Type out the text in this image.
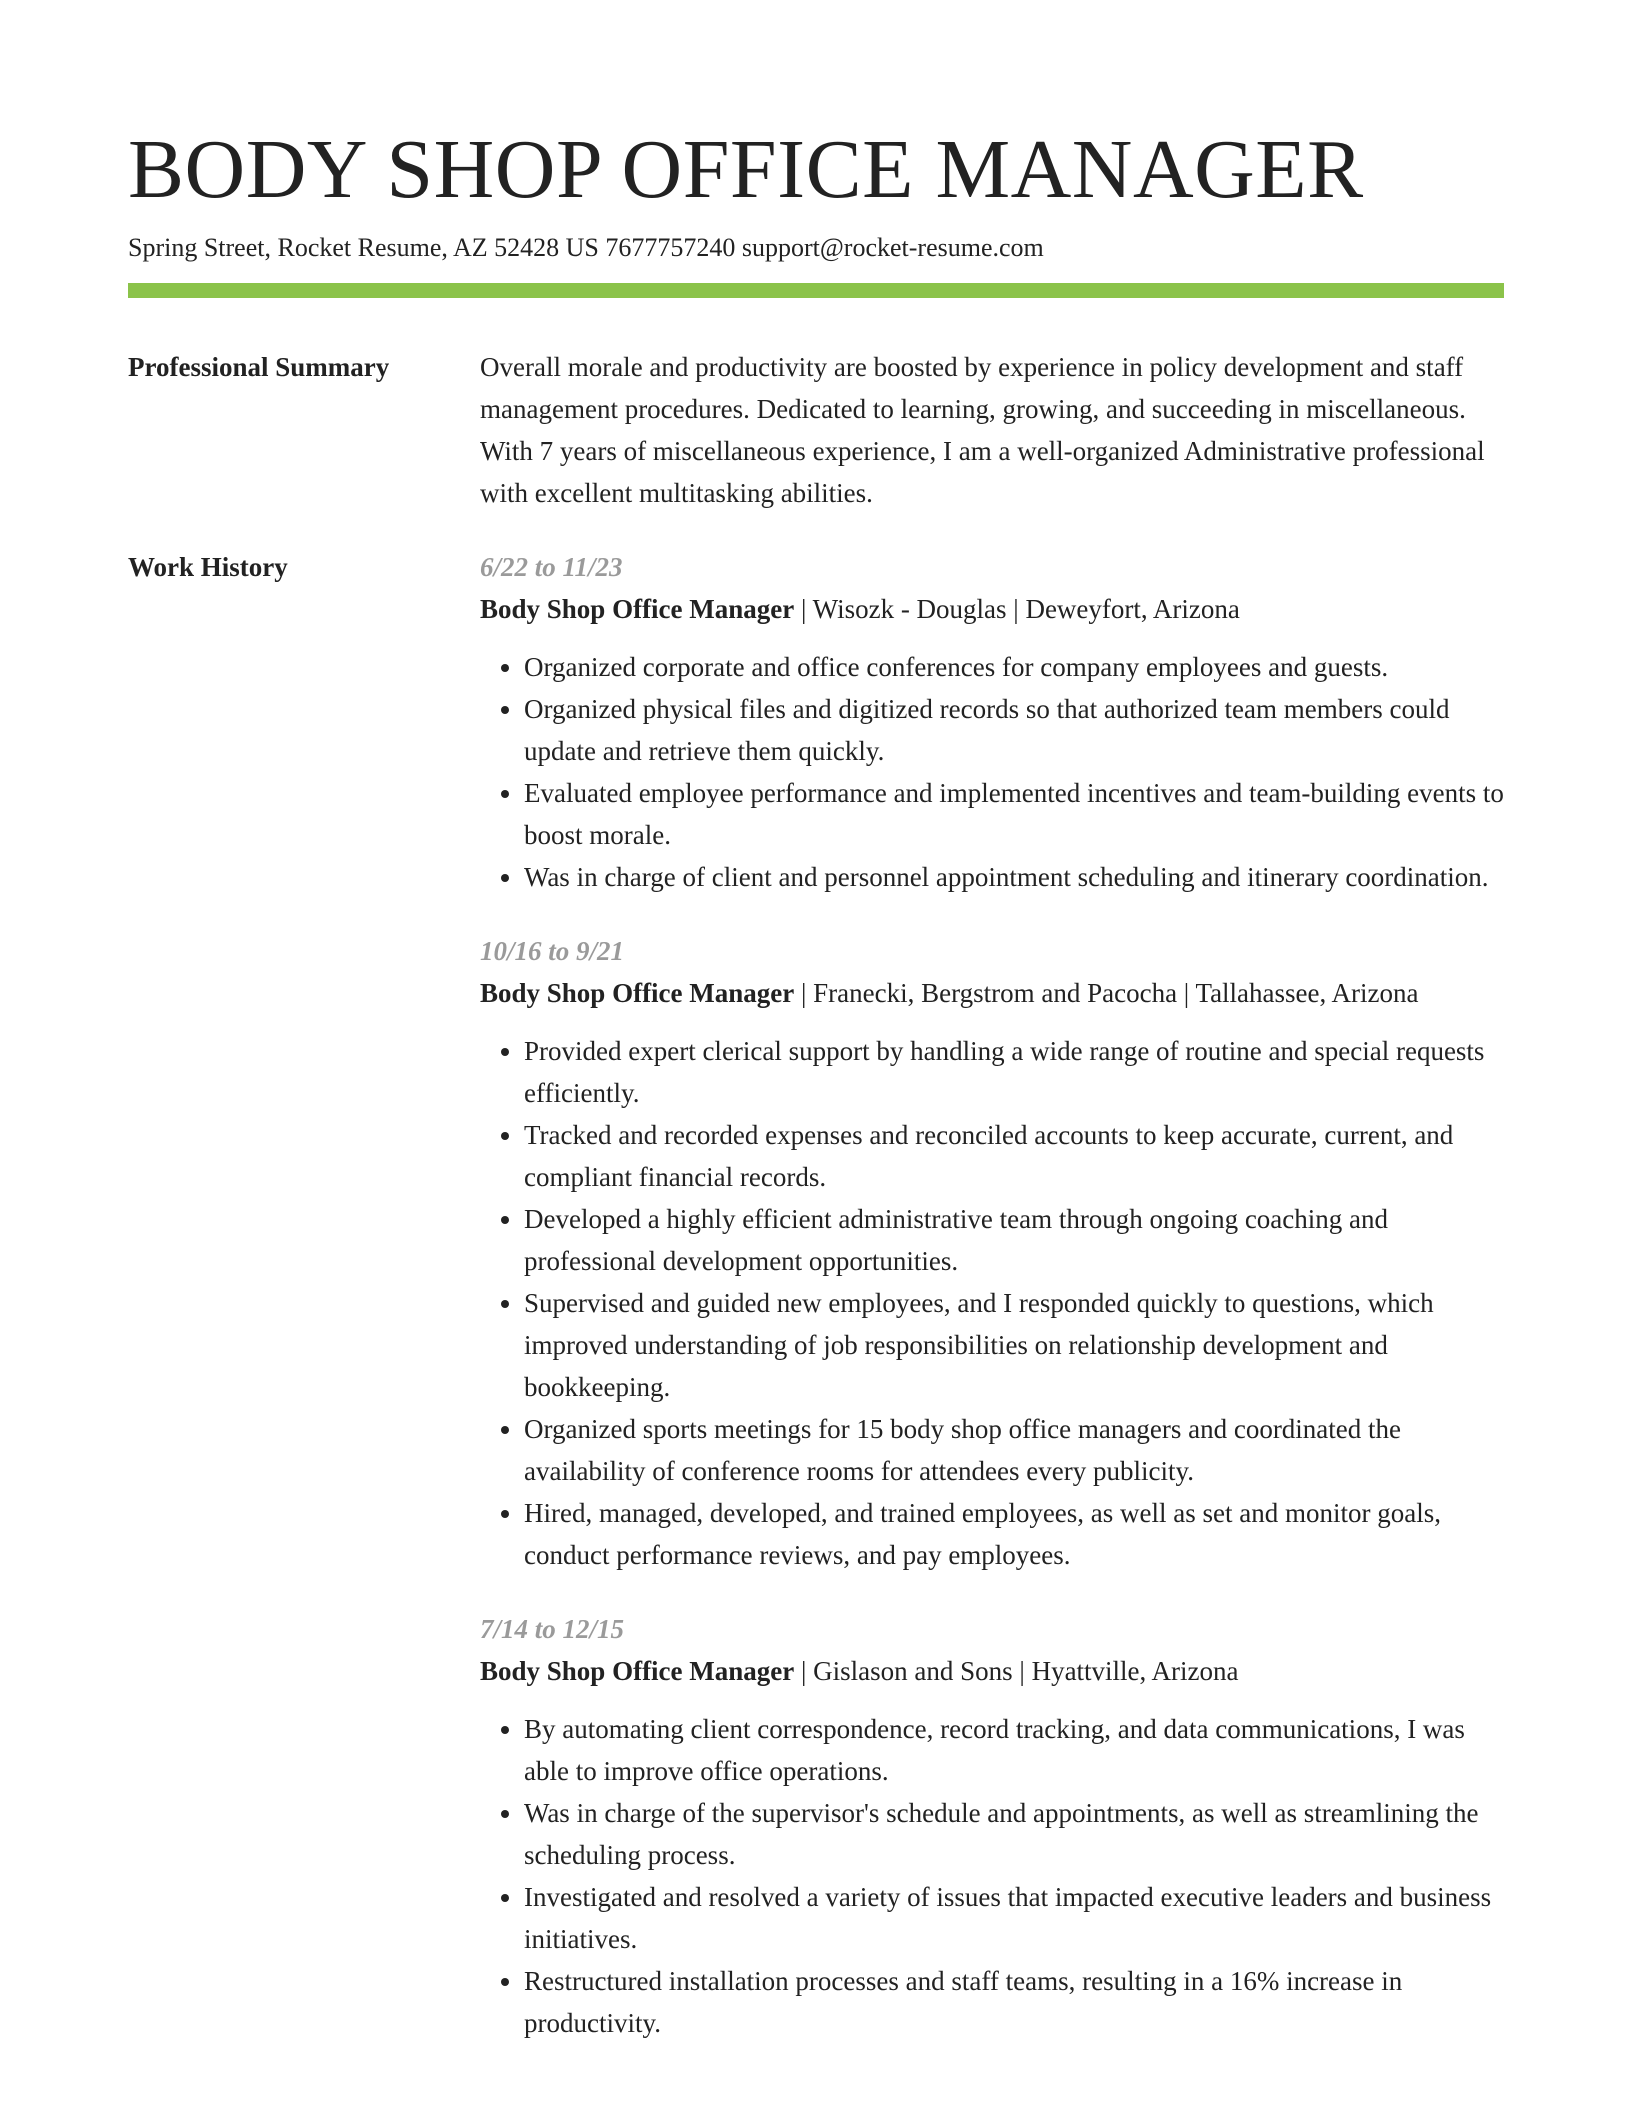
BODY SHOP OFFICE MANAGER
Spring Street, Rocket Resume, AZ 52428 US 7677757240 support@rocket-resume.com
Professional Summary	Overall morale and productivity are boosted by experience in policy development and staff management procedures. Dedicated to learning, growing, and succeeding in miscellaneous. With 7 years of miscellaneous experience, I am a well-organized Administrative professional with excellent multitasking abilities.
Work History	6/22 to 11/23
Body Shop Office Manager | Wisozk - Douglas | Deweyfort, Arizona
• Organized corporate and office conferences for company employees and guests.
• Organized physical files and digitized records so that authorized team members could update and retrieve them quickly.
• Evaluated employee performance and implemented incentives and team-building events to boost morale.
• Was in charge of client and personnel appointment scheduling and itinerary coordination.
10/16 to 9/21
Body Shop Office Manager | Franecki, Bergstrom and Pacocha | Tallahassee, Arizona
• Provided expert clerical support by handling a wide range of routine and special requests efficiently.
• Tracked and recorded expenses and reconciled accounts to keep accurate, current, and compliant financial records.
• Developed a highly efficient administrative team through ongoing coaching and professional development opportunities.
• Supervised and guided new employees, and I responded quickly to questions, which improved understanding of job responsibilities on relationship development and bookkeeping.
• Organized sports meetings for 15 body shop office managers and coordinated the availability of conference rooms for attendees every publicity.
• Hired, managed, developed, and trained employees, as well as set and monitor goals, conduct performance reviews, and pay employees.
7/14 to 12/15
Body Shop Office Manager | Gislason and Sons | Hyattville, Arizona
• By automating client correspondence, record tracking, and data communications, I was able to improve office operations.
• Was in charge of the supervisor's schedule and appointments, as well as streamlining the scheduling process.
• Investigated and resolved a variety of issues that impacted executive leaders and business initiatives.
• Restructured installation processes and staff teams, resulting in a 16% increase in productivity.
